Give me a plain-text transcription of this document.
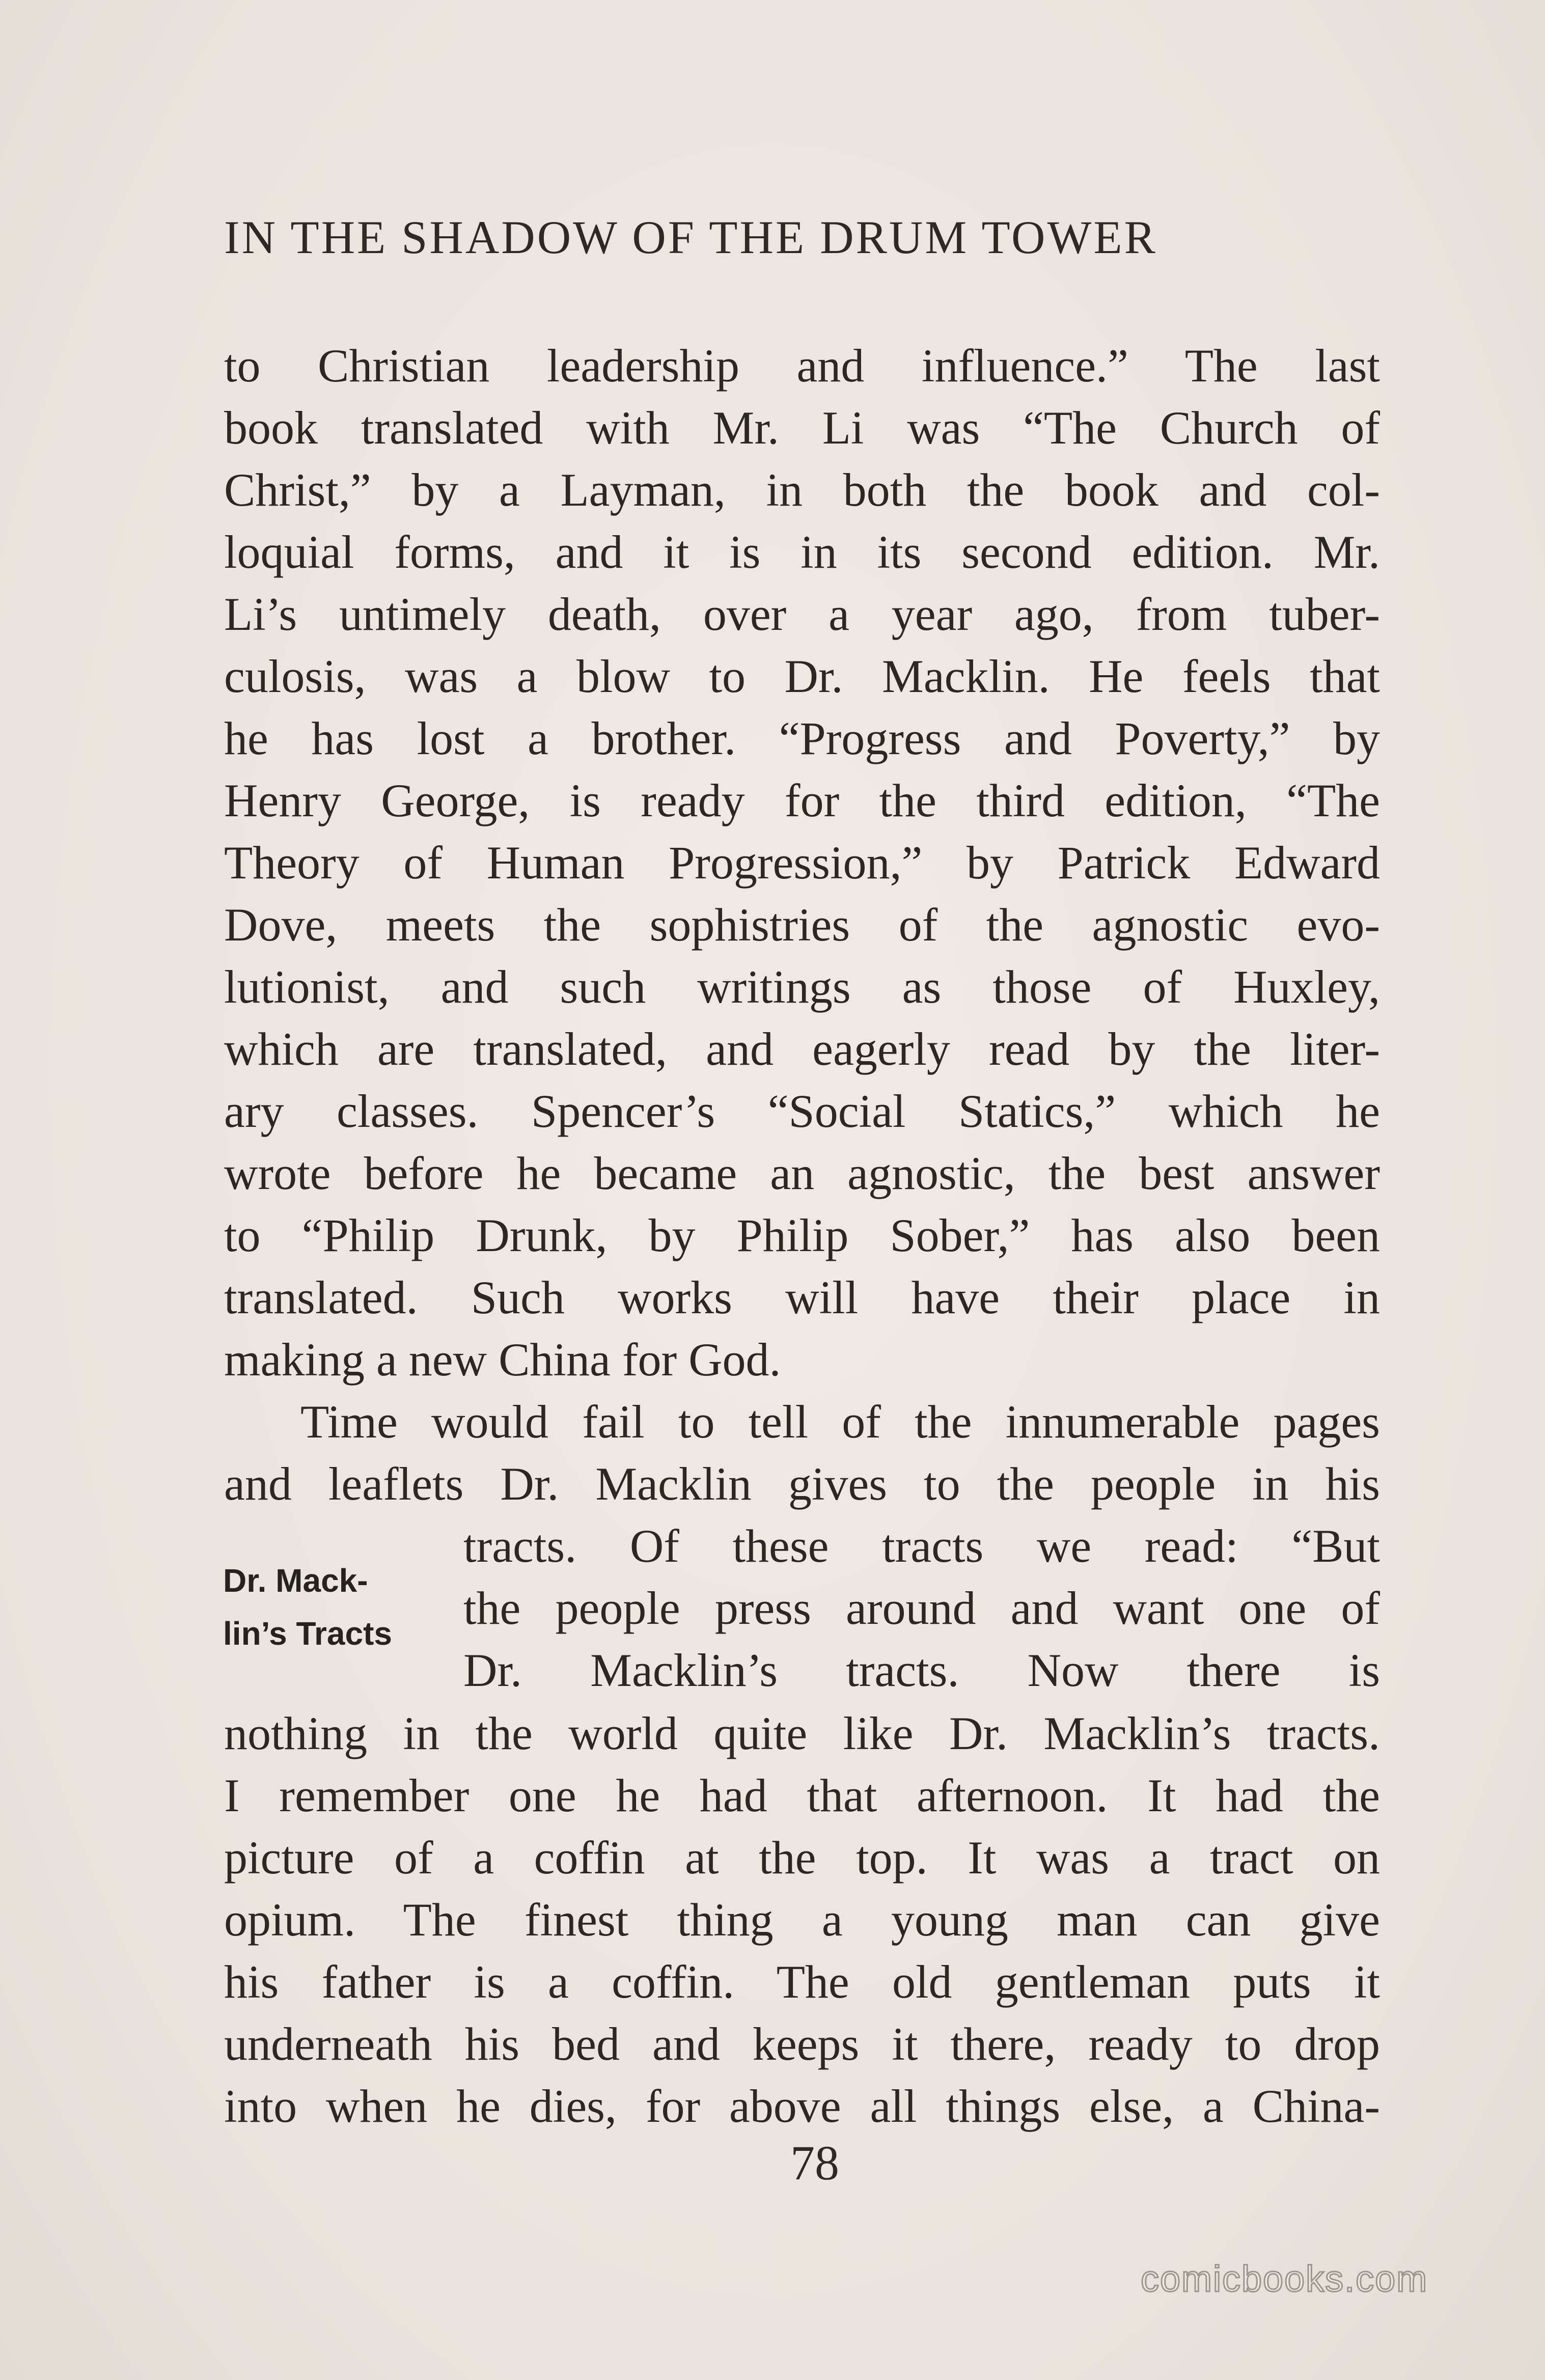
IN THE SHADOW OF THE DRUM TOWER
to Christian leadership and influence.” The last
book translated with Mr. Li was “The Church of
Christ,” by a Layman, in both the book and col-
loquial forms, and it is in its second edition. Mr.
Li’s untimely death, over a year ago, from tuber-
culosis, was a blow to Dr. Macklin. He feels that
he has lost a brother. “Progress and Poverty,” by
Henry George, is ready for the third edition, “The
Theory of Human Progression,” by Patrick Edward
Dove, meets the sophistries of the agnostic evo-
lutionist, and such writings as those of Huxley,
which are translated, and eagerly read by the liter-
ary classes. Spencer’s “Social Statics,” which he
wrote before he became an agnostic, the best answer
to “Philip Drunk, by Philip Sober,” has also been
translated. Such works will have their place in
making a new China for God.
Time would fail to tell of the innumerable pages
and leaflets Dr. Macklin gives to the people in his
tracts. Of these tracts we read: “But
the people press around and want one of
Dr. Macklin’s tracts. Now there is
Dr. Mack-
lin’s Tracts
nothing in the world quite like Dr. Macklin’s tracts.
I remember one he had that afternoon. It had the
picture of a coffin at the top. It was a tract on
opium. The finest thing a young man can give
his father is a coffin. The old gentleman puts it
underneath his bed and keeps it there, ready to drop
into when he dies, for above all things else, a China-
78
comicbooks.com
